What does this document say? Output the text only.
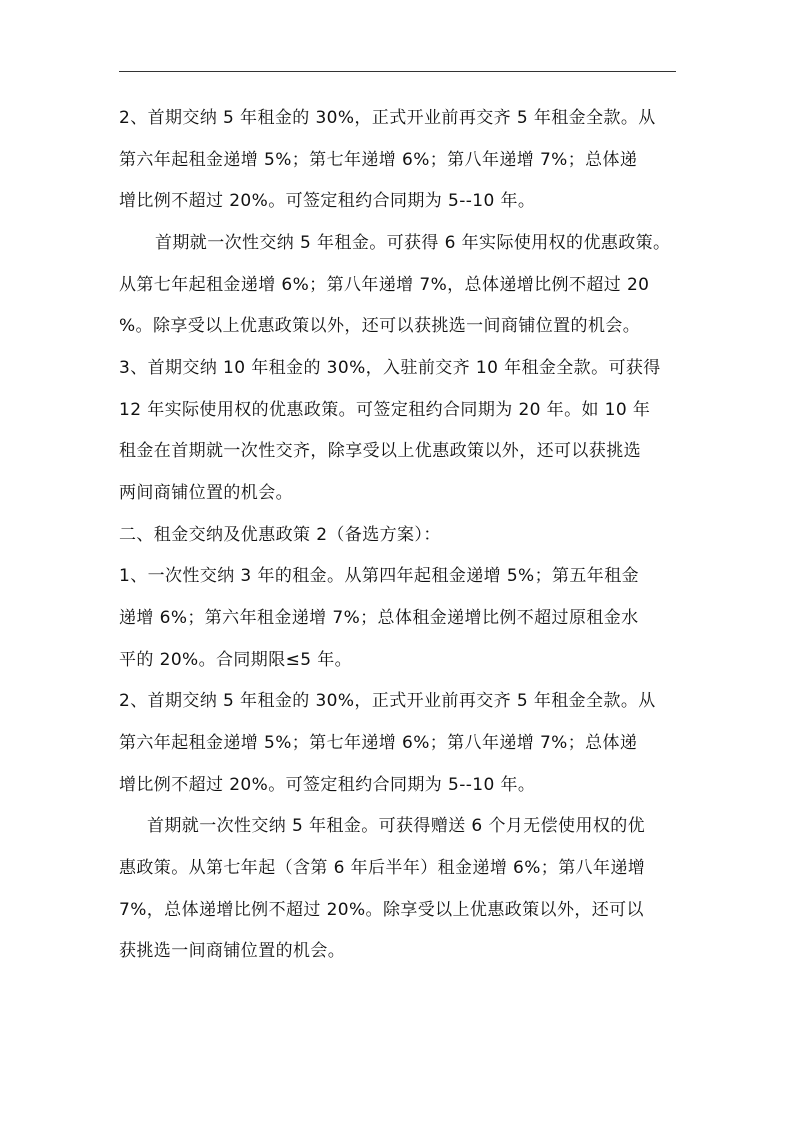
2、首期交纳 5 年租金的 30%，正式开业前再交齐 5 年租金全款。从
第六年起租金递增 5%；第七年递增 6%；第八年递增 7%；总体递
增比例不超过 20%。可签定租约合同期为 5--10 年。
首期就一次性交纳 5 年租金。可获得 6 年实际使用权的优惠政策。
从第七年起租金递增 6%；第八年递增 7%，总体递增比例不超过 20
%。除享受以上优惠政策以外，还可以获挑选一间商铺位置的机会。
3、首期交纳 10 年租金的 30%，入驻前交齐 10 年租金全款。可获得
12 年实际使用权的优惠政策。可签定租约合同期为 20 年。如 10 年
租金在首期就一次性交齐，除享受以上优惠政策以外，还可以获挑选
两间商铺位置的机会。
二、租金交纳及优惠政策 2（备选方案）：
1、一次性交纳 3 年的租金。从第四年起租金递增 5%；第五年租金
递增 6%；第六年租金递增 7%；总体租金递增比例不超过原租金水
平的 20%。合同期限≤5 年。
2、首期交纳 5 年租金的 30%，正式开业前再交齐 5 年租金全款。从
第六年起租金递增 5%；第七年递增 6%；第八年递增 7%；总体递
增比例不超过 20%。可签定租约合同期为 5--10 年。
首期就一次性交纳 5 年租金。可获得赠送 6 个月无偿使用权的优
惠政策。从第七年起（含第 6 年后半年）租金递增 6%；第八年递增
7%，总体递增比例不超过 20%。除享受以上优惠政策以外，还可以
获挑选一间商铺位置的机会。
